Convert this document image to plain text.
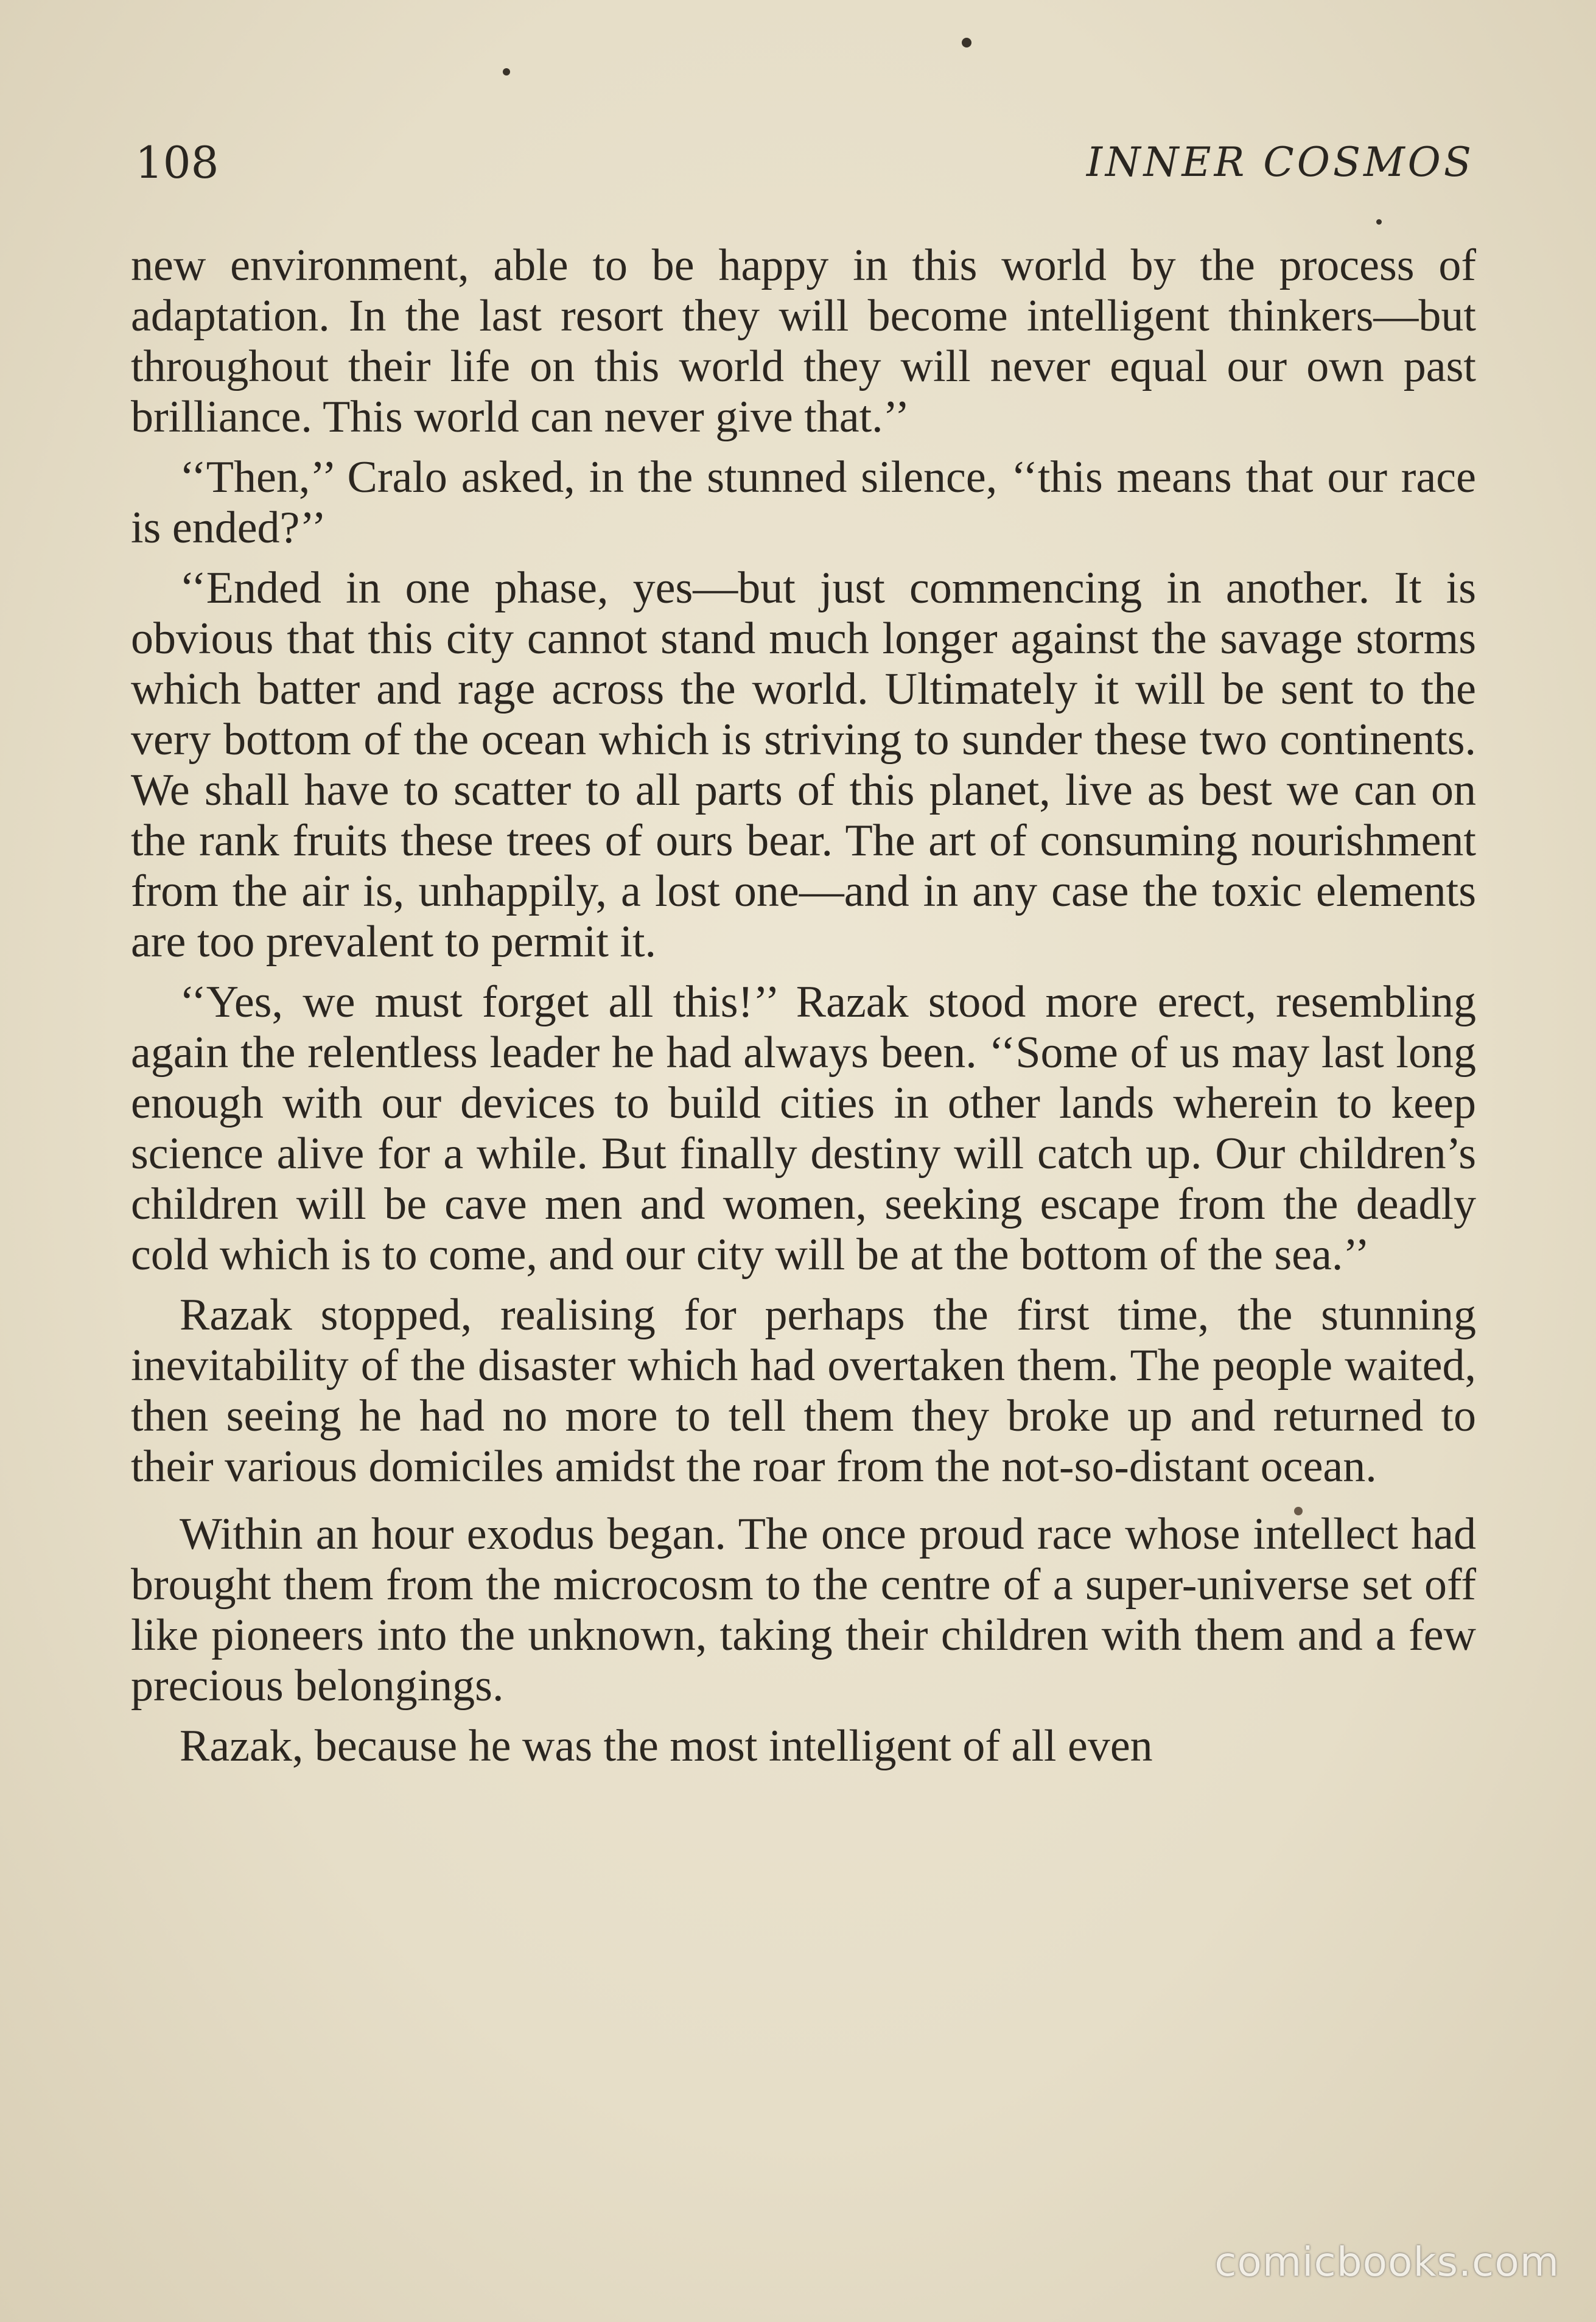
108	INNER COSMOS

new environment, able to be happy in this world by the process of adaptation. In the last resort they will become intelligent thinkers—but throughout their life on this world they will never equal our own past brilliance. This world can never give that.’’

‘‘Then,’’ Cralo asked, in the stunned silence, ‘‘this means that our race is ended?’’

‘‘Ended in one phase, yes—but just commencing in another. It is obvious that this city cannot stand much longer against the savage storms which batter and rage across the world. Ultimately it will be sent to the very bottom of the ocean which is striving to sunder these two continents. We shall have to scatter to all parts of this planet, live as best we can on the rank fruits these trees of ours bear. The art of consuming nourishment from the air is, unhappily, a lost one—and in any case the toxic elements are too prevalent to permit it.

‘‘Yes, we must forget all this!’’ Razak stood more erect, resembling again the relentless leader he had always been. ‘‘Some of us may last long enough with our devices to build cities in other lands wherein to keep science alive for a while. But finally destiny will catch up. Our children’s children will be cave men and women, seeking escape from the deadly cold which is to come, and our city will be at the bottom of the sea.’’

Razak stopped, realising for perhaps the first time, the stunning inevitability of the disaster which had overtaken them. The people waited, then seeing he had no more to tell them they broke up and returned to their various domiciles amidst the roar from the not-so-distant ocean.

Within an hour exodus began. The once proud race whose intellect had brought them from the microcosm to the centre of a super-universe set off like pioneers into the unknown, taking their children with them and a few precious belongings.

Razak, because he was the most intelligent of all even

comicbooks.com
